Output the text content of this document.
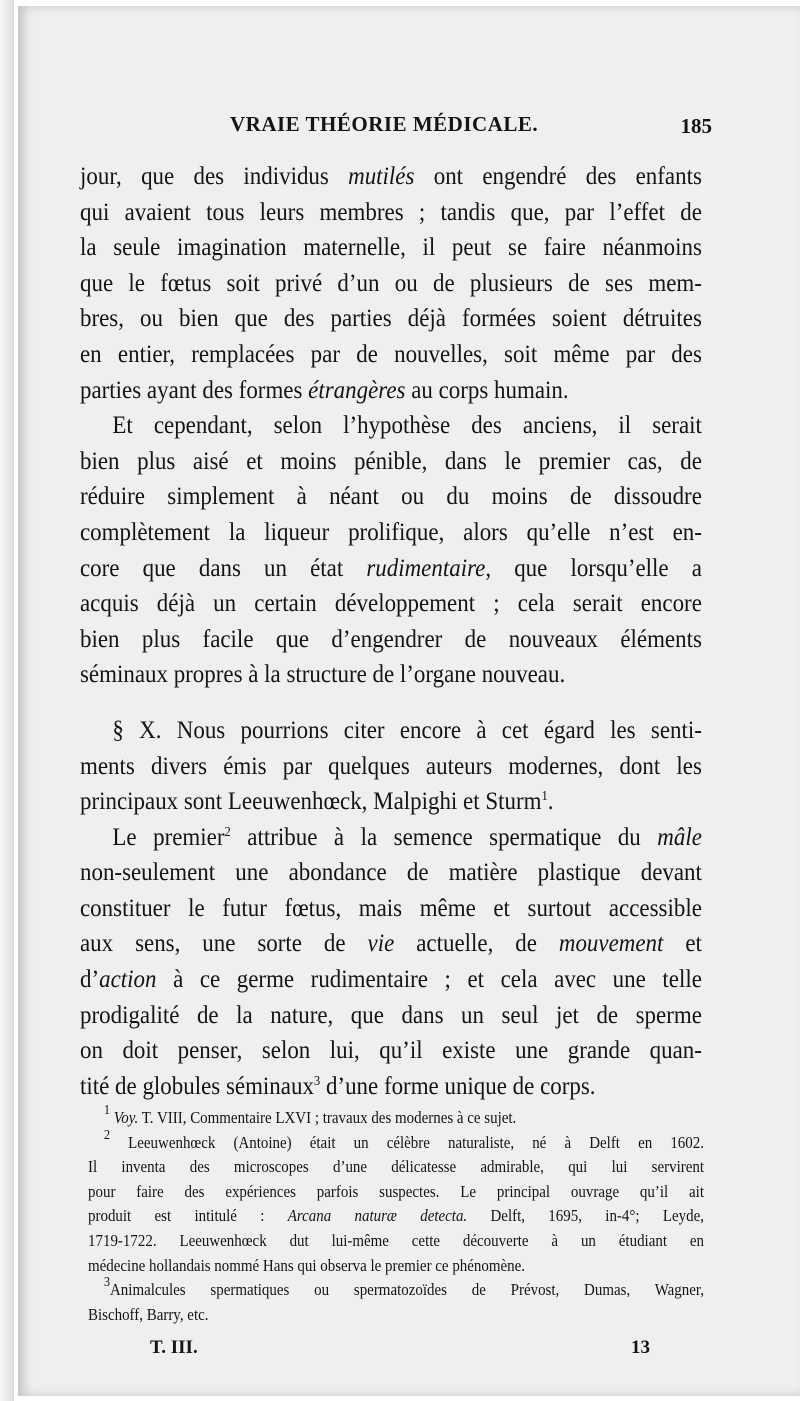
VRAIE THÉORIE MÉDICALE.	185
jour, que des individus mutilés ont engendré des enfants
qui avaient tous leurs membres ; tandis que, par l’effet de
la seule imagination maternelle, il peut se faire néanmoins
que le fœtus soit privé d’un ou de plusieurs de ses mem-
bres, ou bien que des parties déjà formées soient détruites
en entier, remplacées par de nouvelles, soit même par des
parties ayant des formes étrangères au corps humain.
Et cependant, selon l’hypothèse des anciens, il serait
bien plus aisé et moins pénible, dans le premier cas, de
réduire simplement à néant ou du moins de dissoudre
complètement la liqueur prolifique, alors qu’elle n’est en-
core que dans un état rudimentaire, que lorsqu’elle a
acquis déjà un certain développement ; cela serait encore
bien plus facile que d’engendrer de nouveaux éléments
séminaux propres à la structure de l’organe nouveau.
§ X. Nous pourrions citer encore à cet égard les senti-
ments divers émis par quelques auteurs modernes, dont les
principaux sont Leeuwenhœck, Malpighi et Sturm$^1$.
Le premier$^2$ attribue à la semence spermatique du mâle
non-seulement une abondance de matière plastique devant
constituer le futur fœtus, mais même et surtout accessible
aux sens, une sorte de vie actuelle, de mouvement et
d’action à ce germe rudimentaire ; et cela avec une telle
prodigalité de la nature, que dans un seul jet de sperme
on doit penser, selon lui, qu’il existe une grande quan-
tité de globules séminaux$^3$ d’une forme unique de corps.
$^1$ Voy. T. VIII, Commentaire LXVI ; travaux des modernes à ce sujet.
$^2$ Leeuwenhœck (Antoine) était un célèbre naturaliste, né à Delft en 1602.
Il inventa des microscopes d’une délicatesse admirable, qui lui servirent
pour faire des expériences parfois suspectes. Le principal ouvrage qu’il ait
produit est intitulé : Arcana naturæ detecta. Delft, 1695, in-4°; Leyde,
1719-1722. Leeuwenhœck dut lui-même cette découverte à un étudiant en
médecine hollandais nommé Hans qui observa le premier ce phénomène.
$^3$Animalcules spermatiques ou spermatozoïdes de Prévost, Dumas, Wagner,
Bischoff, Barry, etc.
T. III.	13
